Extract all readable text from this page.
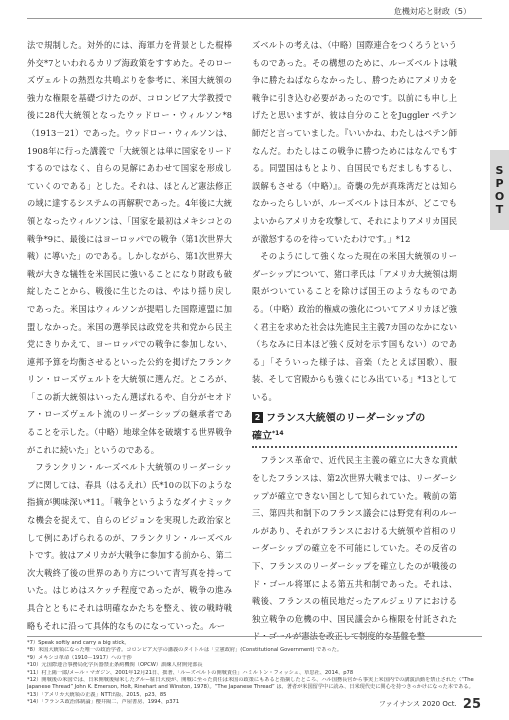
危機対応と財政（5）
S
P
O
T

法で規制した。対外的には、海軍力を背景とした棍棒外交*7といわれるカリブ海政策をすすめた。そのローズヴェルトの熱烈な共鳴ぶりを参考に、米国大統領の強力な権限を基礎づけたのが、コロンビア大学教授で後に28代大統領となったウッドロー・ウィルソン*8（1913－21）であった。ウッドロー・ウィルソンは、1908年に行った講義で「大統領とは単に国家をリードするのではなく、自らの見解にあわせて国家を形成していくのである」とした。それは、ほとんど憲法修正の域に達するシステムの再解釈であった。4年後に大統領となったウィルソンは、「国家を最初はメキシコとの戦争*9に、最後にはヨーロッパでの戦争（第1次世界大戦）に導いた」のである。しかしながら、第1次世界大戦が大きな犠牲を米国民に強いることになり財政も破綻したことから、戦後に生じたのは、やはり揺り戻しであった。米国はウィルソンが提唱した国際連盟に加盟しなかった。米国の選挙民は政党を共和党から民主党にきりかえて、ヨーロッパでの戦争に参加しない、連邦予算を均衡させるといった公約を掲げたフランクリン・ローズヴェルトを大統領に選んだ。ところが、「この新大統領はいったん選ばれるや、自分がセオドア・ローズヴェルト流のリーダーシップの継承者であることを示した。（中略）地球全体を破壊する世界戦争がこれに続いた」というのである。

フランクリン・ルーズベルト大統領のリーダーシップに関しては、春具（はるえれ）氏*10の以下のような指摘が興味深い*11。「戦争というようなダイナミックな機会を捉えて、自らのビジョンを実現した政治家として例にあげられるのが、フランクリン・ルーズベルトです。彼はアメリカが大戦争に参加する前から、第二次大戦終了後の世界のあり方について青写真を持っていた。はじめはスケッチ程度であったが、戦争の進み具合とともにそれは明確なかたちを整え、彼の戦時戦略もそれに沿って具体的なものになっていった。ルー

ズベルトの考えは、（中略）国際連合をつくろうというものであった。その構想のために、ルーズベルトは戦争に勝たねばならなかったし、勝つためにアメリカを戦争に引き込む必要があったのです。以前にも申し上げたと思いますが、彼は自分のことをJuggler ペテン師だと言っていました。『いいかね、わたしはペテン師なんだ。わたしはこの戦争に勝つためにはなんでもする。同盟国はもとより、自国民でもだましもするし、誤解もさせる（中略）』。奇襲の先が真珠湾だとは知らなかったらしいが、ルーズベルトは日本が、どこでもよいからアメリカを攻撃して、それによりアメリカ国民が激怒するのを待っていたわけです。」*12

そのようにして強くなった現在の米国大統領のリーダーシップについて、猪口孝氏は「アメリカ大統領は期限がついていることを除けば国王のようなものである。（中略）政治的権威の強化についてアメリカほど強く君主を求めた社会は先進民主主義7カ国のなかにない（ちなみに日本ほど強く反対を示す国もない）のである」「そういった様子は、音楽（たとえば国歌）、服装、そして宮殿からも強くにじみ出ている」*13としている。

2 フランス大統領のリーダーシップの
確立$^{*14}$

フランス革命で、近代民主主義の確立に大きな貢献をしたフランスは、第2次世界大戦までは、リーダーシップが確立できない国として知られていた。戦前の第三、第四共和制下のフランス議会には野党有利のルールがあり、それがフランスにおける大統領や首相のリーダーシップの確立を不可能にしていた。その反省の下、フランスのリーダーシップを確立したのが戦後のド・ゴール将軍による第五共和制であった。それは、戦後、フランスの植民地だったアルジェリアにおける独立戦争の危機の中、国民議会から権限を付託された

*7）Speak softly and carry a big stick。
*8）米国大統領になった唯一の政治学者。コロンビア大学の講義のタイトルは「立憲政府」(Constitutional Government) であった。
*9）メキシコ革命（1910－1917）への干渉
*10）元国際連合事務局化学兵器禁止条約機関（OPCW）訓練人材開発部長
*11）村上陽一郎/メール・マガジン、2001年12月21日、拙著、「ルーズベルトの開戦責任」ハミルトン・フィッシュ、草思社、2014、p78
*12）開戦後の米国では、日米開戦後帰米したグルー駐日大使が、開戦に至った責任は米国の政策にもあると指摘したところ、ハル国務長官から事実上米国内での講演活動を禁止された（“The Japanese Thread” John K. Emerson, Holt, Rinehart and Winston, 1978）。“The Japanese Thread” は、著者が米国留学中に読み、日米現代史に関心を持つきっかけになった本である。
*13）「アメリカ大統領の正義」NTT出版、2015、p23、85
*14）「フランス政治体制論」櫻井陽二、芦屋書房、1994、p371	ファイナンス 2020 Oct. 25
